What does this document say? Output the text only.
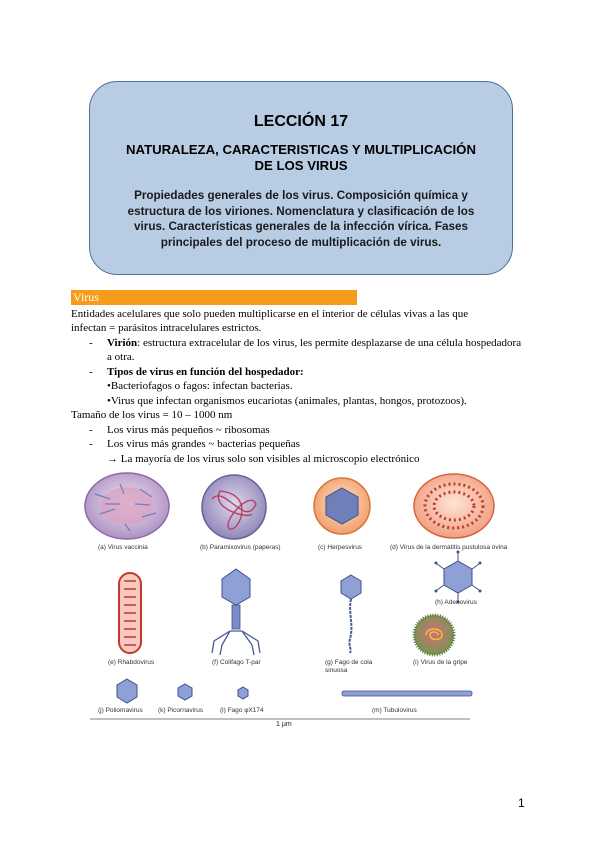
LECCIÓN 17
NATURALEZA, CARACTERISTICAS Y MULTIPLICACIÓN
DE LOS VIRUS
Propiedades generales de los virus. Composición química y
estructura de los viriones. Nomenclatura y clasificación de los
virus. Características generales de la infección vírica. Fases
principales del proceso de multiplicación de virus.
Virus
Entidades acelulares que solo pueden multiplicarse en el interior de células vivas a las que
infectan = parásitos intracelulares estrictos.
- Virión: estructura extracelular de los virus, les permite desplazarse de una célula hospedadora
a otra.
- Tipos de virus en función del hospedador:
•Bacteriofagos o fagos: infectan bacterias.
•Virus que infectan organismos eucariotas (animales, plantas, hongos, protozoos).
Tamaño de los virus = 10 – 1000 nm
- Los virus más pequeños ~ ribosomas
- Los virus más grandes ~ bacterias pequeñas
→ La mayoría de los virus solo son visibles al microscopio electrónico
(a) Virus vaccinia	(b) Paramixovirus (paperas)	(c) Herpesvirus	(d) Virus de la dermatitis pustulosa ovina
(e) Rhabdovirus	(f) Colifago T-par	(g) Fago de cola sinuosa
(h) Adenovirus
(i) Virus de la gripe
(j) Poliomavirus (k) Picornavirus	(l) Fago φX174	(m) Tubulovirus
1 μm
1
